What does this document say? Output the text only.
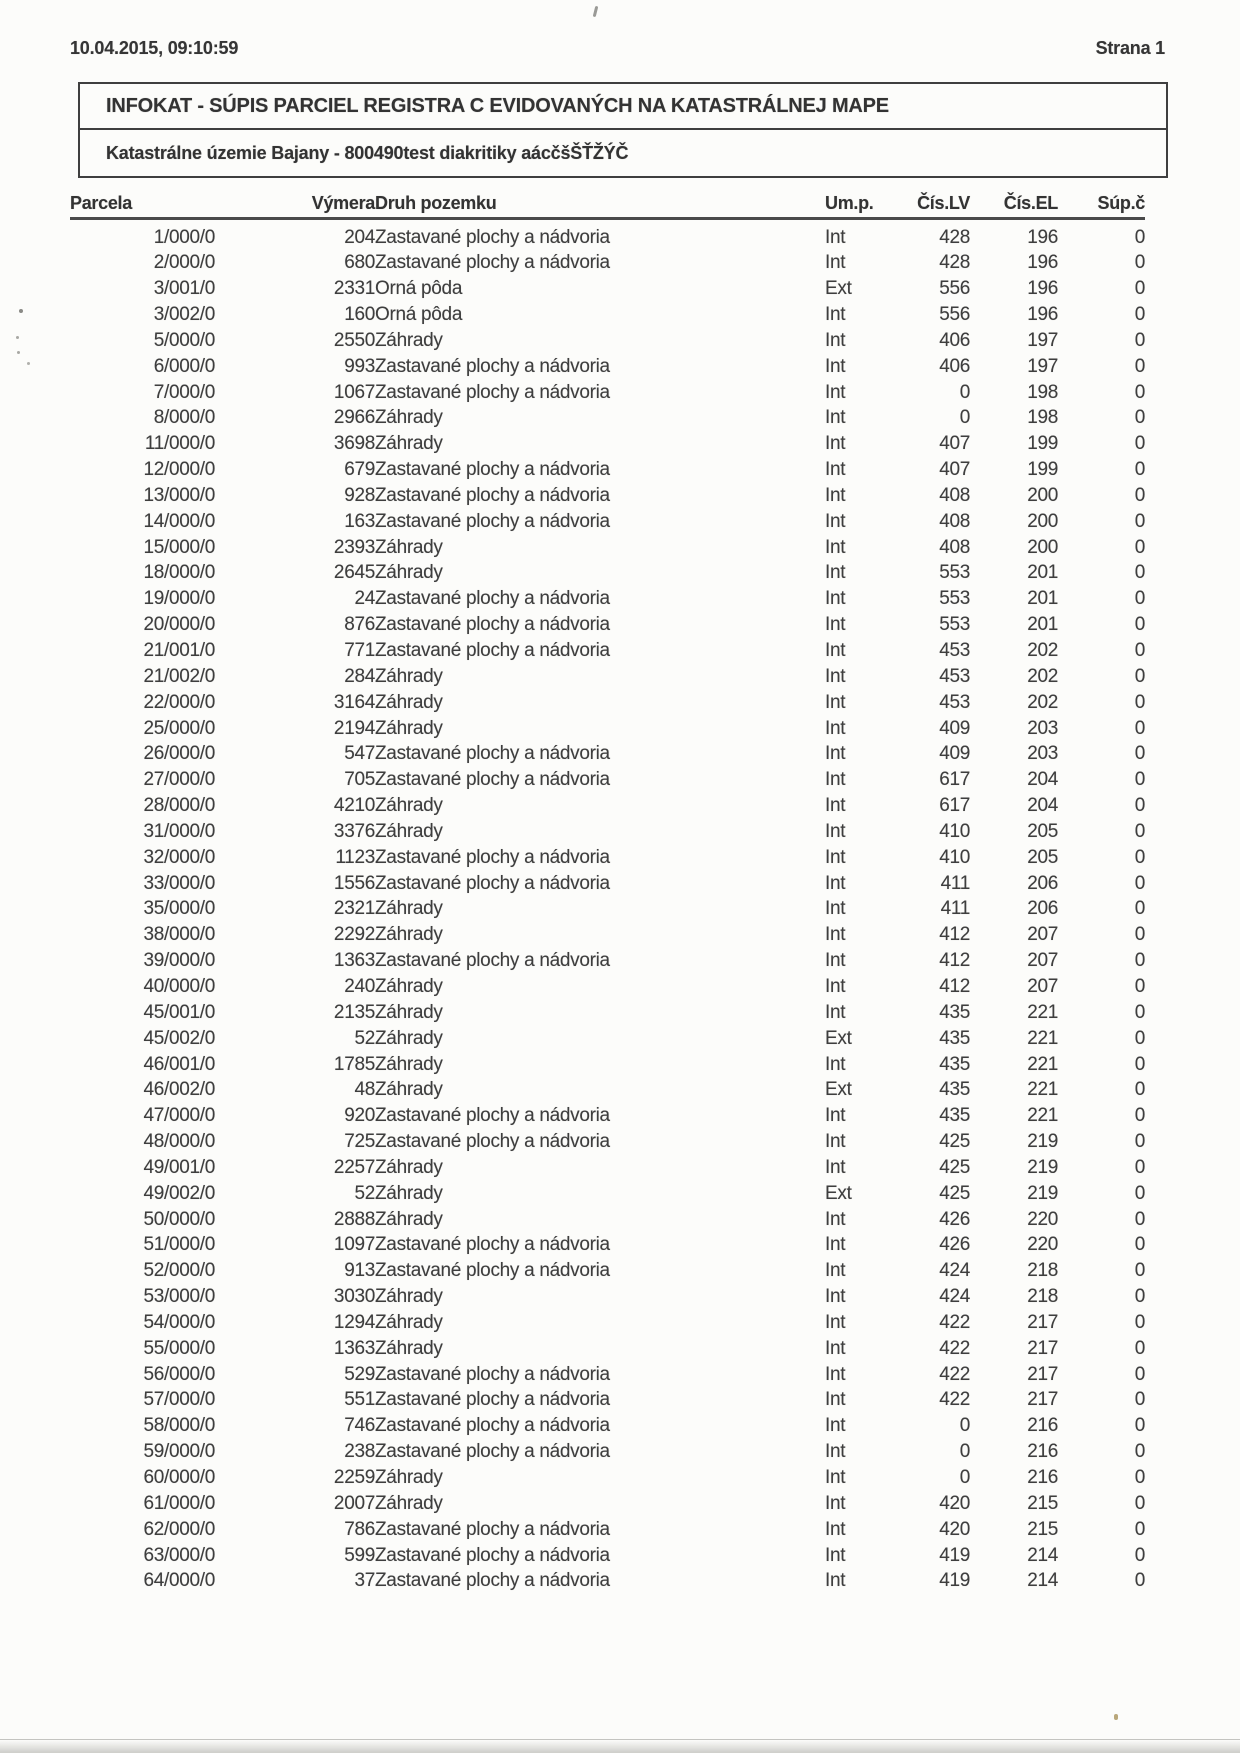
10.04.2015, 09:10:59	Strana 1
INFOKAT - SÚPIS PARCIEL REGISTRA C EVIDOVANÝCH NA KATASTRÁLNEJ MAPE
Katastrálne územie Bajany - 800490test diakritiky aácčšŠŤŽÝČ
Parcela	Výmera	Druh pozemku	Um.p.	Čís.LV	Čís.EL	Súp.č
1/000/0	204	Zastavané plochy a nádvoria	Int	428	196	0
2/000/0	680	Zastavané plochy a nádvoria	Int	428	196	0
3/001/0	2331	Orná pôda	Ext	556	196	0
3/002/0	160	Orná pôda	Int	556	196	0
5/000/0	2550	Záhrady	Int	406	197	0
6/000/0	993	Zastavané plochy a nádvoria	Int	406	197	0
7/000/0	1067	Zastavané plochy a nádvoria	Int	0	198	0
8/000/0	2966	Záhrady	Int	0	198	0
11/000/0	3698	Záhrady	Int	407	199	0
12/000/0	679	Zastavané plochy a nádvoria	Int	407	199	0
13/000/0	928	Zastavané plochy a nádvoria	Int	408	200	0
14/000/0	163	Zastavané plochy a nádvoria	Int	408	200	0
15/000/0	2393	Záhrady	Int	408	200	0
18/000/0	2645	Záhrady	Int	553	201	0
19/000/0	24	Zastavané plochy a nádvoria	Int	553	201	0
20/000/0	876	Zastavané plochy a nádvoria	Int	553	201	0
21/001/0	771	Zastavané plochy a nádvoria	Int	453	202	0
21/002/0	284	Záhrady	Int	453	202	0
22/000/0	3164	Záhrady	Int	453	202	0
25/000/0	2194	Záhrady	Int	409	203	0
26/000/0	547	Zastavané plochy a nádvoria	Int	409	203	0
27/000/0	705	Zastavané plochy a nádvoria	Int	617	204	0
28/000/0	4210	Záhrady	Int	617	204	0
31/000/0	3376	Záhrady	Int	410	205	0
32/000/0	1123	Zastavané plochy a nádvoria	Int	410	205	0
33/000/0	1556	Zastavané plochy a nádvoria	Int	411	206	0
35/000/0	2321	Záhrady	Int	411	206	0
38/000/0	2292	Záhrady	Int	412	207	0
39/000/0	1363	Zastavané plochy a nádvoria	Int	412	207	0
40/000/0	240	Záhrady	Int	412	207	0
45/001/0	2135	Záhrady	Int	435	221	0
45/002/0	52	Záhrady	Ext	435	221	0
46/001/0	1785	Záhrady	Int	435	221	0
46/002/0	48	Záhrady	Ext	435	221	0
47/000/0	920	Zastavané plochy a nádvoria	Int	435	221	0
48/000/0	725	Zastavané plochy a nádvoria	Int	425	219	0
49/001/0	2257	Záhrady	Int	425	219	0
49/002/0	52	Záhrady	Ext	425	219	0
50/000/0	2888	Záhrady	Int	426	220	0
51/000/0	1097	Zastavané plochy a nádvoria	Int	426	220	0
52/000/0	913	Zastavané plochy a nádvoria	Int	424	218	0
53/000/0	3030	Záhrady	Int	424	218	0
54/000/0	1294	Záhrady	Int	422	217	0
55/000/0	1363	Záhrady	Int	422	217	0
56/000/0	529	Zastavané plochy a nádvoria	Int	422	217	0
57/000/0	551	Zastavané plochy a nádvoria	Int	422	217	0
58/000/0	746	Zastavané plochy a nádvoria	Int	0	216	0
59/000/0	238	Zastavané plochy a nádvoria	Int	0	216	0
60/000/0	2259	Záhrady	Int	0	216	0
61/000/0	2007	Záhrady	Int	420	215	0
62/000/0	786	Zastavané plochy a nádvoria	Int	420	215	0
63/000/0	599	Zastavané plochy a nádvoria	Int	419	214	0
64/000/0	37	Zastavané plochy a nádvoria	Int	419	214	0
